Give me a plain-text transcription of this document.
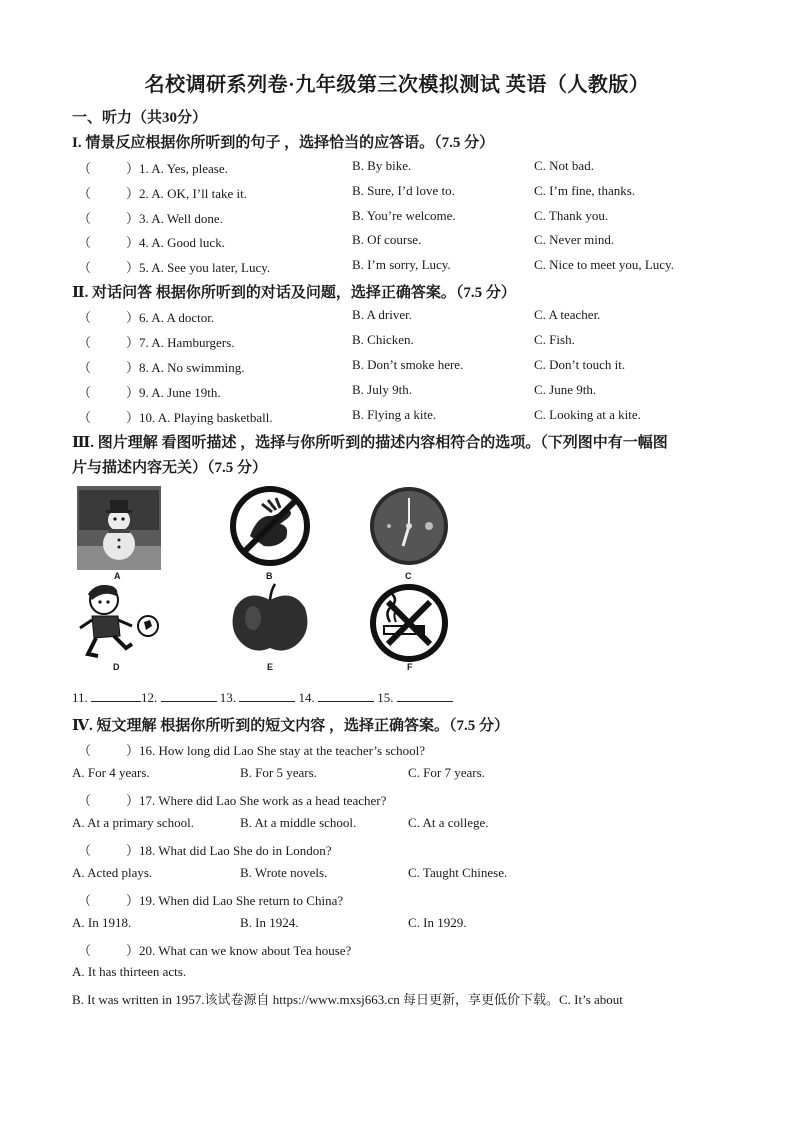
名校调研系列卷·九年级第三次模拟测试 英语（人教版）
一、听力（共30分）
I. 情景反应根据你所听到的句子 ，选择恰当的应答语。（7.5 分）
（	）1. A. Yes, please.	B. By bike.	C. Not bad.
（	）2. A. OK, I’ll take it.	B. Sure, I’d love to.	C. I’m fine, thanks.
（	）3. A. Well done.	B. You’re welcome.	C. Thank you.
（	）4. A. Good luck.	B. Of course.	C. Never mind.
（	）5. A. See you later, Lucy.	B. I’m sorry, Lucy.	C. Nice to meet you, Lucy.
Ⅱ. 对话问答 根据你所听到的对话及问题，选择正确答案。（7.5 分）
（	）6. A. A doctor.	B. A driver.	C. A teacher.
（	）7. A. Hamburgers.	B. Chicken.	C. Fish.
（	）8. A. No swimming.	B. Don’t smoke here.	C. Don’t touch it.
（	）9. A. June 19th.	B. July 9th.	C. June 9th.
（	）10. A. Playing basketball.	B. Flying a kite.	C. Looking at a kite.
Ⅲ. 图片理解 看图听描述 ，选择与你所听到的描述内容相符合的选项。（下列图中有一幅图
片与描述内容无关）（7.5 分）
A	B	C
D	E	F
11.	12.	13.	14.	15.
Ⅳ. 短文理解 根据你所听到的短文内容 ，选择正确答案。（7.5 分）
（	）16. How long did Lao She stay at the teacher’s school?
A. For 4 years.	B. For 5 years.	C. For 7 years.
（	）17. Where did Lao She work as a head teacher?
A. At a primary school.	B. At a middle school.	C. At a college.
（	）18. What did Lao She do in London?
A. Acted plays.	B. Wrote novels.	C. Taught Chinese.
（	）19. When did Lao She return to China?
A. In 1918.	B. In 1924.	C. In 1929.
（	）20. What can we know about Tea house?
A. It has thirteen acts.
B. It was written in 1957.该试卷源自 https://www.mxsj663.cn 每日更新，享更低价下载。C. It’s about
